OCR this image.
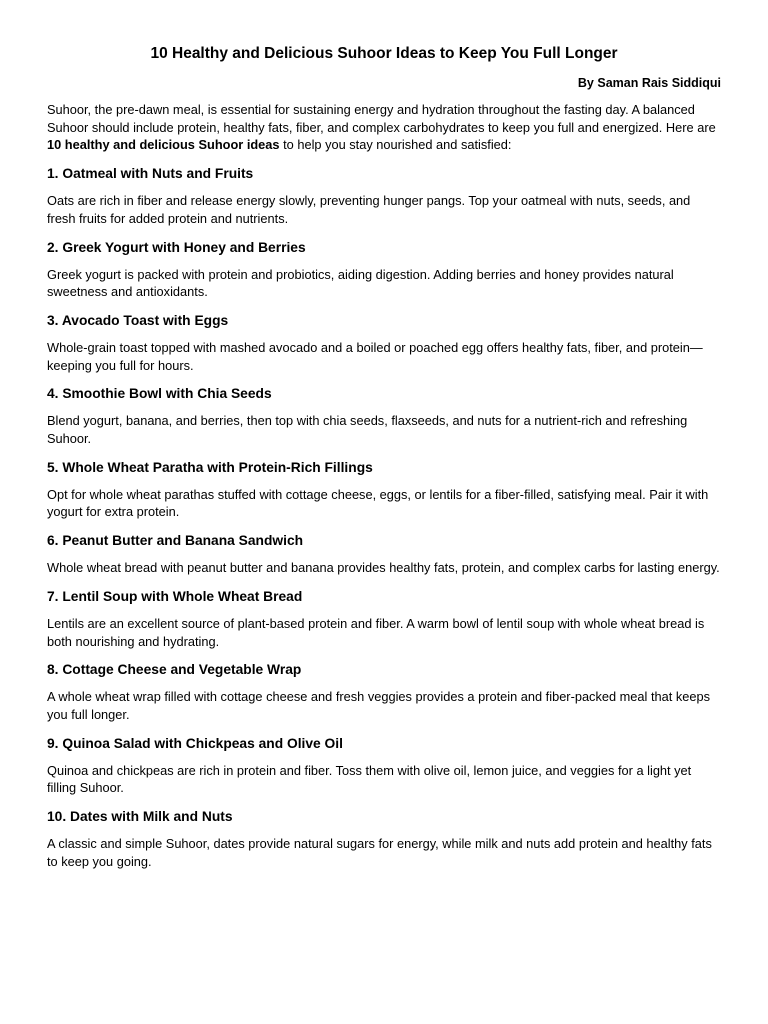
10 Healthy and Delicious Suhoor Ideas to Keep You Full Longer

By Saman Rais Siddiqui

Suhoor, the pre-dawn meal, is essential for sustaining energy and hydration throughout the fasting day. A balanced Suhoor should include protein, healthy fats, fiber, and complex carbohydrates to keep you full and energized. Here are 10 healthy and delicious Suhoor ideas to help you stay nourished and satisfied:

1. Oatmeal with Nuts and Fruits

Oats are rich in fiber and release energy slowly, preventing hunger pangs. Top your oatmeal with nuts, seeds, and fresh fruits for added protein and nutrients.

2. Greek Yogurt with Honey and Berries

Greek yogurt is packed with protein and probiotics, aiding digestion. Adding berries and honey provides natural sweetness and antioxidants.

3. Avocado Toast with Eggs

Whole-grain toast topped with mashed avocado and a boiled or poached egg offers healthy fats, fiber, and protein—keeping you full for hours.

4. Smoothie Bowl with Chia Seeds

Blend yogurt, banana, and berries, then top with chia seeds, flaxseeds, and nuts for a nutrient-rich and refreshing Suhoor.

5. Whole Wheat Paratha with Protein-Rich Fillings

Opt for whole wheat parathas stuffed with cottage cheese, eggs, or lentils for a fiber-filled, satisfying meal. Pair it with yogurt for extra protein.

6. Peanut Butter and Banana Sandwich

Whole wheat bread with peanut butter and banana provides healthy fats, protein, and complex carbs for lasting energy.

7. Lentil Soup with Whole Wheat Bread

Lentils are an excellent source of plant-based protein and fiber. A warm bowl of lentil soup with whole wheat bread is both nourishing and hydrating.

8. Cottage Cheese and Vegetable Wrap

A whole wheat wrap filled with cottage cheese and fresh veggies provides a protein and fiber-packed meal that keeps you full longer.

9. Quinoa Salad with Chickpeas and Olive Oil

Quinoa and chickpeas are rich in protein and fiber. Toss them with olive oil, lemon juice, and veggies for a light yet filling Suhoor.

10. Dates with Milk and Nuts

A classic and simple Suhoor, dates provide natural sugars for energy, while milk and nuts add protein and healthy fats to keep you going.
